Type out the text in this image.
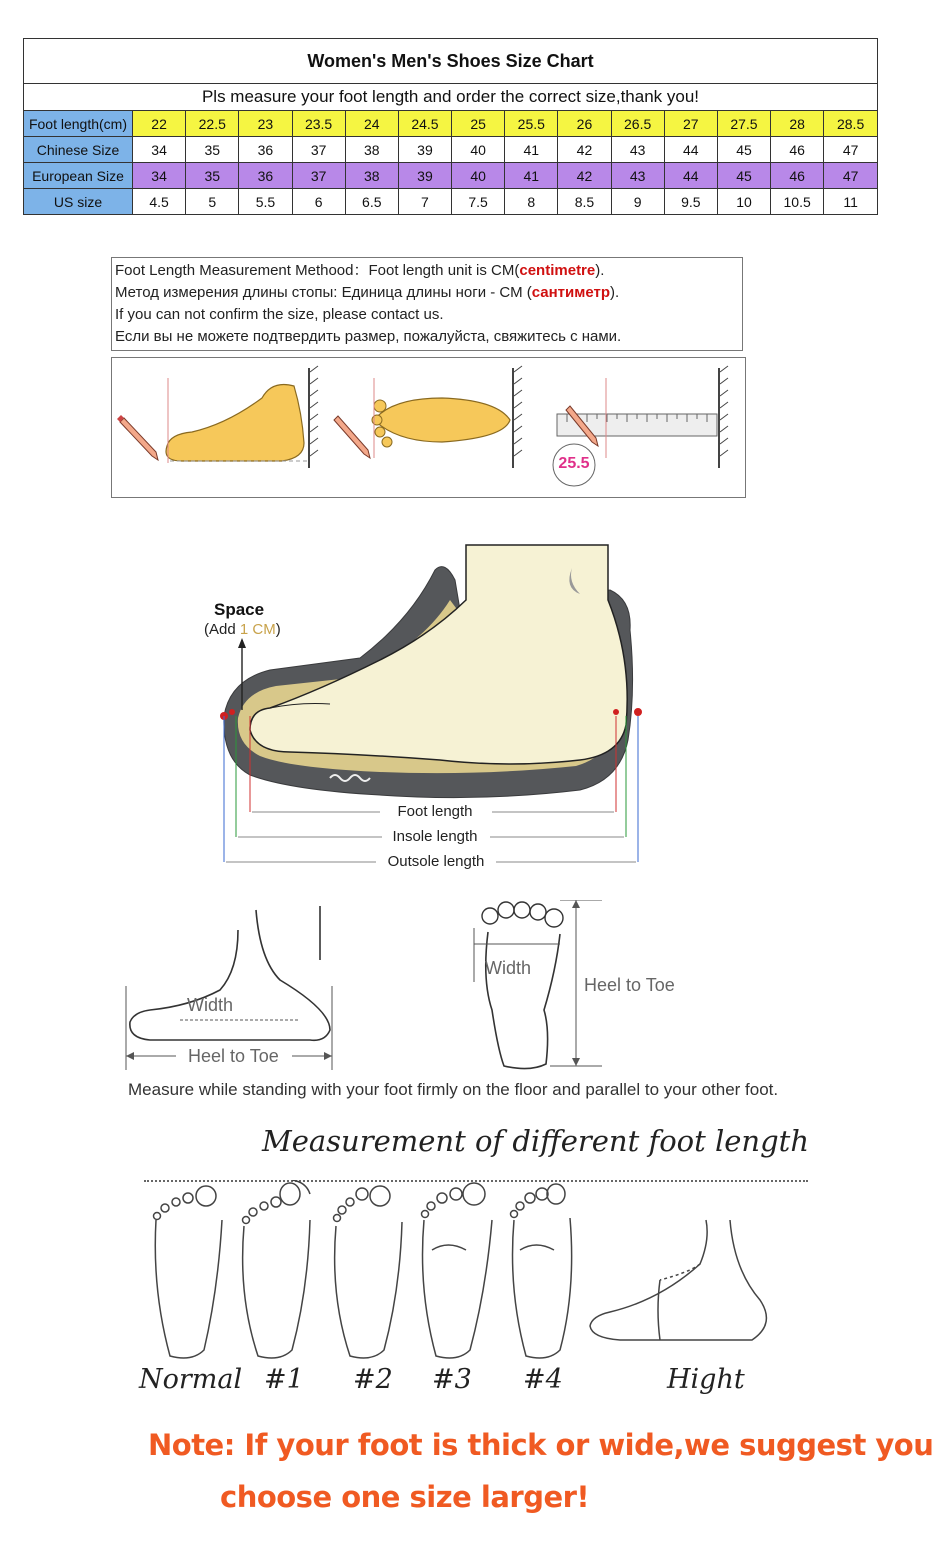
Women's Men's Shoes Size Chart
Pls measure your foot length and order the correct size,thank you!
Foot length(cm)	22	22.5	23	23.5	24	24.5	25	25.5	26	26.5	27	27.5	28	28.5
Chinese Size	34	35	36	37	38	39	40	41	42	43	44	45	46	47
European Size	34	35	36	37	38	39	40	41	42	43	44	45	46	47
US size	4.5	5	5.5	6	6.5	7	7.5	8	8.5	9	9.5	10	10.5	11
Foot Length Measurement Methood：Foot length unit is CM(centimetre).
Метод измерения длины стопы: Единица длины ноги - СМ (сантиметр).
If you can not confirm the size, please contact us.
Если вы не можете подтвердить размер, пожалуйста, свяжитесь с нами.
25.5
Space
(Add 1 CM)
Foot length
Insole length
Outsole length
Width
Heel to Toe
Width
Heel to Toe
Measure while standing with your foot firmly on the floor and parallel to your other foot.
Measurement of different foot length
Normal #1 #2 #3 #4	Hight
Note: If your foot is thick or wide,we suggest you
choose one size larger!
